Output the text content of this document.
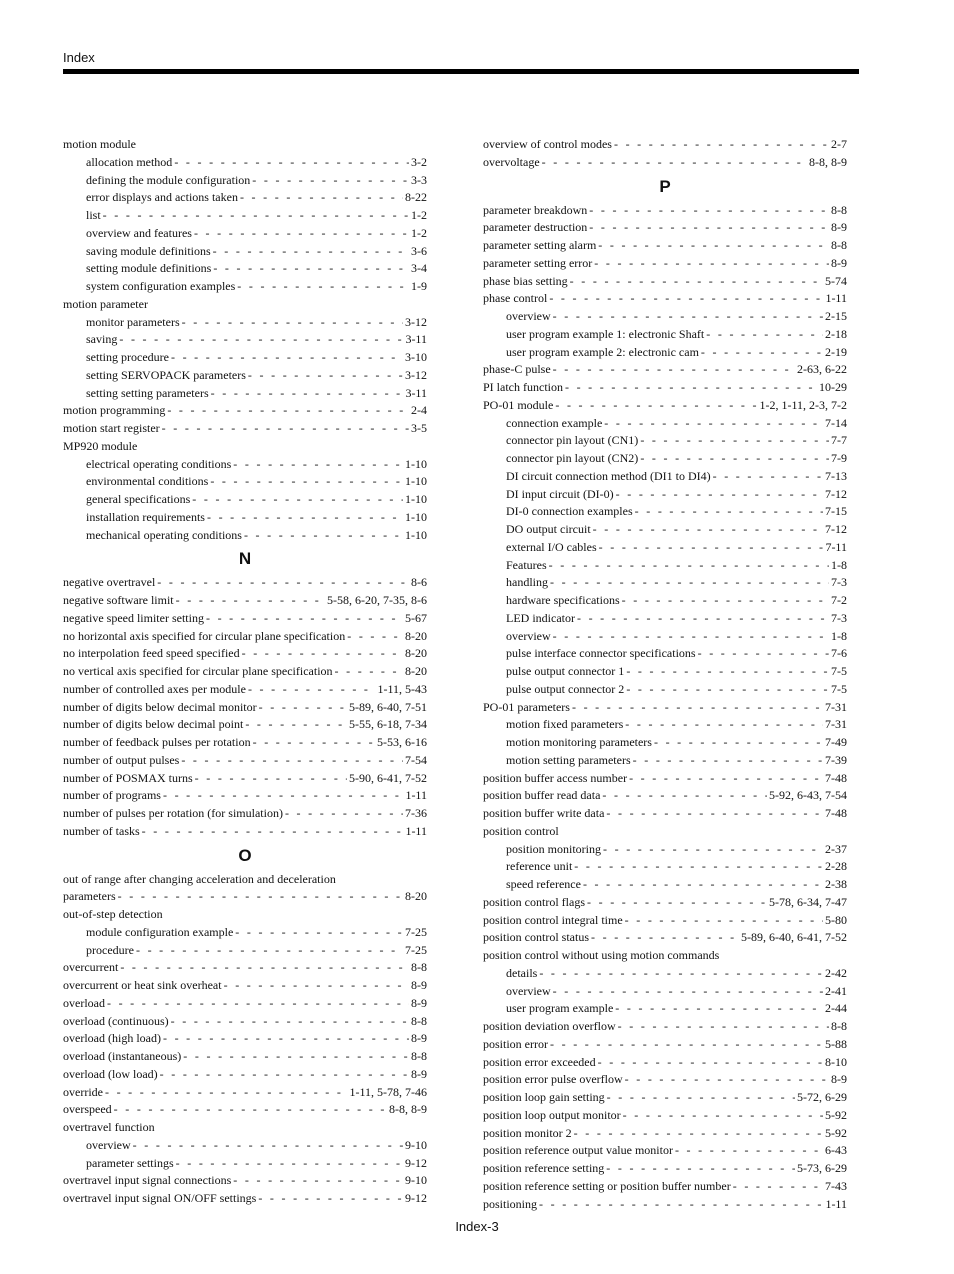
Index
motion module
allocation method - - -	3-2
defining the module configuration - - -	3-3
error displays and actions taken - - -	8-22
list - - -	1-2
overview and features - - -	1-2
saving module definitions - - -	3-6
setting module definitions - - -	3-4
system configuration examples - - -	1-9
motion parameter
monitor parameters - - -	3-12
saving - - -	3-11
setting procedure - - -	3-10
setting SERVOPACK parameters - - -	3-12
setting setting parameters - - -	3-11
motion programming - - -	2-4
motion start register - - -	3-5
MP920 module
electrical operating conditions - - -	1-10
environmental conditions - - -	1-10
general specifications - - -	1-10
installation requirements - - -	1-10
mechanical operating conditions - - -	1-10
N
negative overtravel - - -	8-6
negative software limit - - -	5-58, 6-20, 7-35, 8-6
negative speed limiter setting - - -	5-67
no horizontal axis specified for circular plane specification - - -	8-20
no interpolation feed speed specified - - -	8-20
no vertical axis specified for circular plane specification - - -	8-20
number of controlled axes per module - - -	1-11, 5-43
number of digits below decimal monitor - - -	5-89, 6-40, 7-51
number of digits below decimal point - - -	5-55, 6-18, 7-34
number of feedback pulses per rotation - - -	5-53, 6-16
number of output pulses - - -	7-54
number of POSMAX turns - - -	5-90, 6-41, 7-52
number of programs - - -	1-11
number of pulses per rotation (for simulation) - - -	7-36
number of tasks - - -	1-11
O
out of range after changing acceleration and deceleration
parameters - - -	8-20
out-of-step detection
module configuration example - - -	7-25
procedure - - -	7-25
overcurrent - - -	8-8
overcurrent or heat sink overheat - - -	8-9
overload - - -	8-9
overload (continuous) - - -	8-8
overload (high load) - - -	8-9
overload (instantaneous) - - -	8-8
overload (low load) - - -	8-9
override - - -	1-11, 5-78, 7-46
overspeed - - -	8-8, 8-9
overtravel function
overview - - -	9-10
parameter settings - - -	9-12
overtravel input signal connections - - -	9-10
overtravel input signal ON/OFF settings - - -	9-12
overview of control modes - - -	2-7
overvoltage - - -	8-8, 8-9
P
parameter breakdown - - -	8-8
parameter destruction - - -	8-9
parameter setting alarm - - -	8-8
parameter setting error - - -	8-9
phase bias setting - - -	5-74
phase control - - -	1-11
overview - - -	2-15
user program example 1: electronic Shaft - - -	2-18
user program example 2: electronic cam - - -	2-19
phase-C pulse - - -	2-63, 6-22
PI latch function - - -	10-29
PO-01 module - - -	1-2, 1-11, 2-3, 7-2
connection example - - -	7-14
connector pin layout (CN1) - - -	7-7
connector pin layout (CN2) - - -	7-9
DI circuit connection method (DI1 to DI4) - - -	7-13
DI input circuit (DI-0) - - -	7-12
DI-0 connection examples - - -	7-15
DO output circuit - - -	7-12
external I/O cables - - -	7-11
Features - - -	1-8
handling - - -	7-3
hardware specifications - - -	7-2
LED indicator - - -	7-3
overview - - -	1-8
pulse interface connector specifications - - -	7-6
pulse output connector 1 - - -	7-5
pulse output connector 2 - - -	7-5
PO-01 parameters - - -	7-31
motion fixed parameters - - -	7-31
motion monitoring parameters - - -	7-49
motion setting parameters - - -	7-39
position buffer access number - - -	7-48
position buffer read data - - -	5-92, 6-43, 7-54
position buffer write data - - -	7-48
position control
position monitoring - - -	2-37
reference unit - - -	2-28
speed reference - - -	2-38
position control flags - - -	5-78, 6-34, 7-47
position control integral time - - -	5-80
position control status - - -	5-89, 6-40, 6-41, 7-52
position control without using motion commands
details - - -	2-42
overview - - -	2-41
user program example - - -	2-44
position deviation overflow - - -	8-8
position error - - -	5-88
position error exceeded - - -	8-10
position error pulse overflow - - -	8-9
position loop gain setting - - -	5-72, 6-29
position loop output monitor - - -	5-92
position monitor 2 - - -	5-92
position reference output value monitor - - -	6-43
position reference setting - - -	5-73, 6-29
position reference setting or position buffer number - - -	7-43
positioning - - -	1-11
Index-3
